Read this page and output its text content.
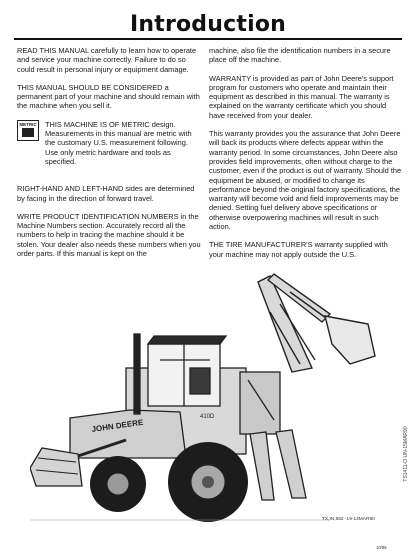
Introduction

READ THIS MANUAL carefully to learn how to operate and service your machine correctly. Failure to do so could result in personal injury or equipment damage.

THIS MANUAL SHOULD BE CONSIDERED a permanent part of your machine and should remain with the machine when you sell it.

METRIC THIS MACHINE IS OF METRIC design. Measurements in this manual are metric with the customary U.S. measurement following. Use only metric hardware and tools as specified.

RIGHT-HAND AND LEFT-HAND sides are determined by facing in the direction of forward travel.

WRITE PRODUCT IDENTIFICATION NUMBERS in the Machine Numbers section. Accurately record all the numbers to help in tracing the machine should it be stolen. Your dealer also needs these numbers when you order parts. If this manual is kept on the

machine, also file the identification numbers in a secure place off the machine.

WARRANTY is provided as part of John Deere's support program for customers who operate and maintain their equipment as described in this manual. The warranty is explained on the warranty certificate which you should have received from your dealer.

This warranty provides you the assurance that John Deere will back its products where defects appear within the warranty period. In some circumstances, John Deere also provides field improvements, often without charge to the customer, even if the product is out of warranty. Should the equipment be abused, or modified to change its performance beyond the original factory specifications, the warranty will become void and field improvements may be denied. Setting fuel delivery above specifications or otherwise overpowering machines will result in such action.

THE TIRE MANUFACTURER'S warranty supplied with your machine may not apply outside the U.S.

JOHN DEERE
410D
TS1411-O UN-15MAR90
TX,IN,582 -19-14MAR90
10/89
